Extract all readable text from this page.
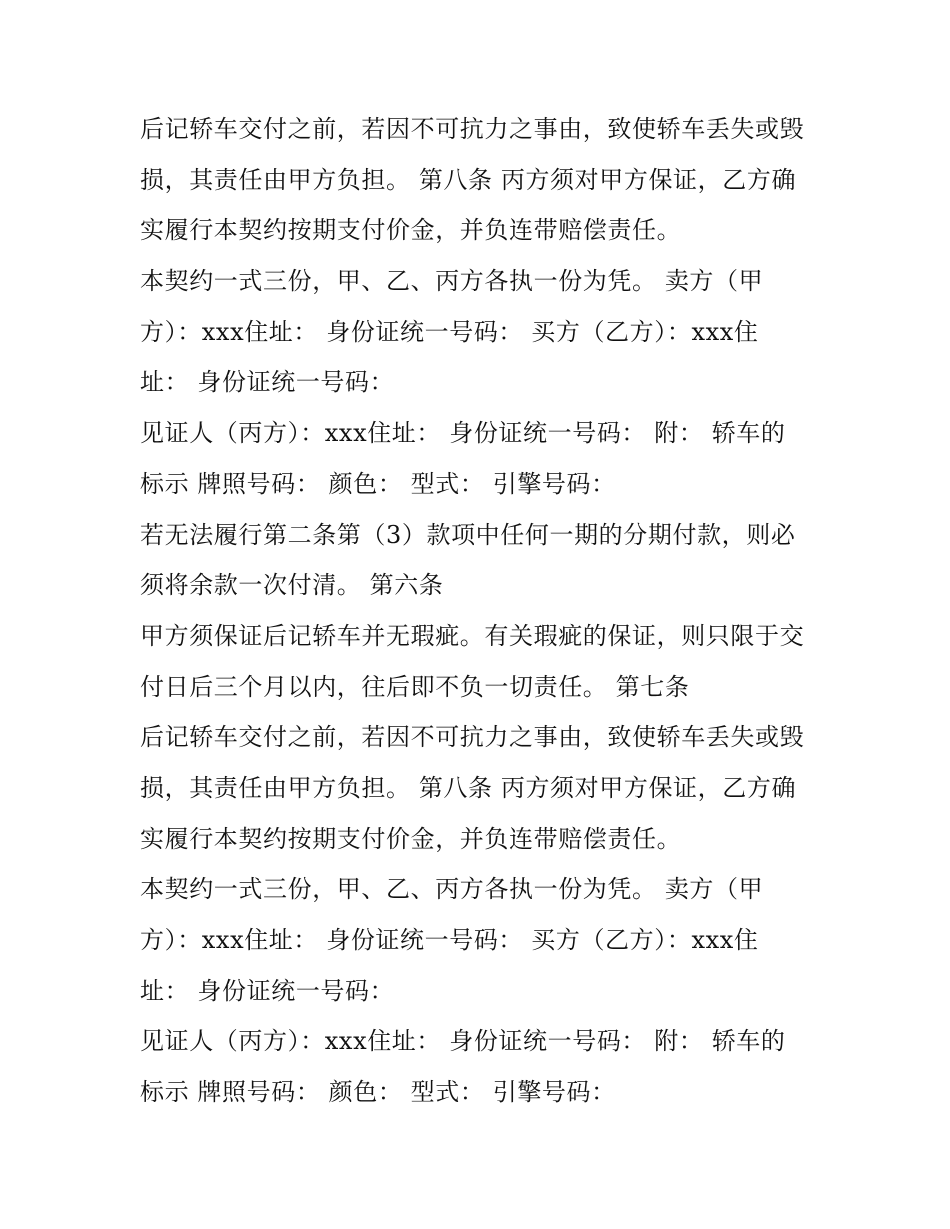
后记轿车交付之前，若因不可抗力之事由，致使轿车丢失或毁
损，其责任由甲方负担。 第八条 丙方须对甲方保证，乙方确
实履行本契约按期支付价金，并负连带赔偿责任。
本契约一式三份，甲、乙、丙方各执一份为凭。 卖方（甲
方）：xxx住址： 身份证统一号码： 买方（乙方）：xxx住
址： 身份证统一号码：
见证人（丙方）：xxx住址： 身份证统一号码： 附： 轿车的
标示 牌照号码： 颜色： 型式： 引擎号码：
若无法履行第二条第（3）款项中任何一期的分期付款，则必
须将余款一次付清。 第六条
甲方须保证后记轿车并无瑕疵。有关瑕疵的保证，则只限于交
付日后三个月以内，往后即不负一切责任。 第七条
后记轿车交付之前，若因不可抗力之事由，致使轿车丢失或毁
损，其责任由甲方负担。 第八条 丙方须对甲方保证，乙方确
实履行本契约按期支付价金，并负连带赔偿责任。
本契约一式三份，甲、乙、丙方各执一份为凭。 卖方（甲
方）：xxx住址： 身份证统一号码： 买方（乙方）：xxx住
址： 身份证统一号码：
见证人（丙方）：xxx住址： 身份证统一号码： 附： 轿车的
标示 牌照号码： 颜色： 型式： 引擎号码：
